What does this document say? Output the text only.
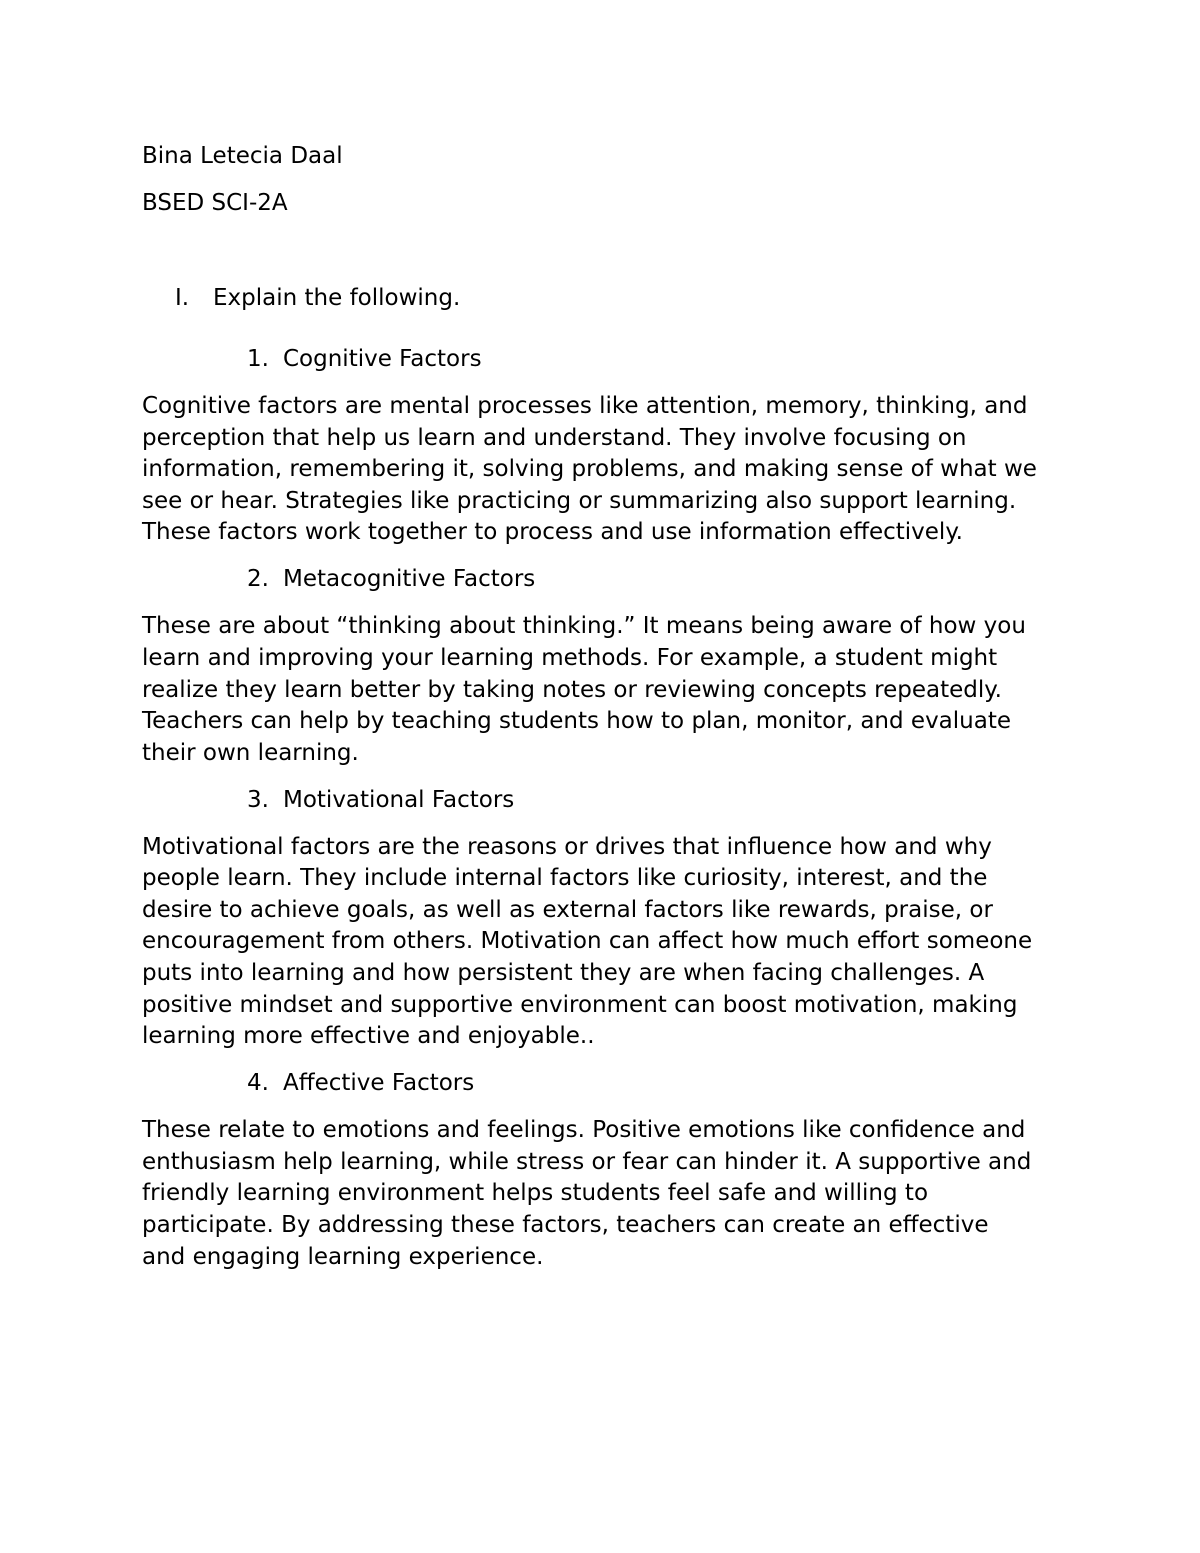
Bina Letecia Daal
BSED SCI-2A
I. Explain the following.
1. Cognitive Factors
Cognitive factors are mental processes like attention, memory, thinking, and
perception that help us learn and understand. They involve focusing on
information, remembering it, solving problems, and making sense of what we
see or hear. Strategies like practicing or summarizing also support learning.
These factors work together to process and use information effectively.
2. Metacognitive Factors
These are about “thinking about thinking.” It means being aware of how you
learn and improving your learning methods. For example, a student might
realize they learn better by taking notes or reviewing concepts repeatedly.
Teachers can help by teaching students how to plan, monitor, and evaluate
their own learning.
3. Motivational Factors
Motivational factors are the reasons or drives that influence how and why
people learn. They include internal factors like curiosity, interest, and the
desire to achieve goals, as well as external factors like rewards, praise, or
encouragement from others. Motivation can affect how much effort someone
puts into learning and how persistent they are when facing challenges. A
positive mindset and supportive environment can boost motivation, making
learning more effective and enjoyable..
4. Affective Factors
These relate to emotions and feelings. Positive emotions like confidence and
enthusiasm help learning, while stress or fear can hinder it. A supportive and
friendly learning environment helps students feel safe and willing to
participate. By addressing these factors, teachers can create an effective
and engaging learning experience.
